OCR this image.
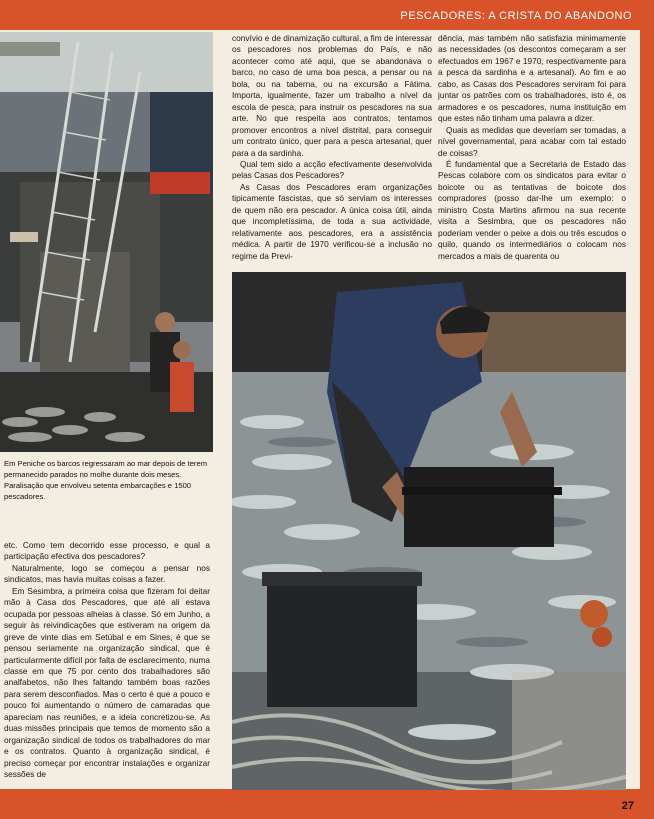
PESCADORES: A CRISTA DO ABANDONO
27
Em Peniche os barcos regressaram ao mar depois de terem permanecido parados no molhe durante dois meses. Paralisação que envolveu setenta embarcações e 1500 pescadores.

convívio e de dinamização cultural, a fim de interessar os pescadores nos problemas do País, e não acontecer como até aqui, que se abandonava o barco, no caso de uma boa pesca, a pensar ou na bola, ou na taberna, ou na excursão a Fátima. Importa, igualmente, fazer um trabalho a nível da escola de pesca, para instruir os pescadores na sua arte. No que respeita aos contratos, tentamos promover encontros a nível distrital, para conseguir um contrato único, quer para a pesca artesanal, quer para a da sardinha.

Qual tem sido a acção efectivamente desenvolvida pelas Casas dos Pescadores?

As Casas dos Pescadores eram organizações tipicamente fascistas, que só serviam os interesses de quem não era pescador. A única coisa útil, ainda que incompletíssima, de toda a sua actividade, relativamente aos pescadores, era a assistência médica. A partir de 1970 verificou-se a inclusão no regime da Previ-

dência, mas também não satisfazia minimamente as necessidades (os descontos começaram a ser efectuados em 1967 e 1970, respectivamente para a pesca da sardinha e a artesanal). Ao fim e ao cabo, as Casas dos Pescadores serviram foi para juntar os patrões com os trabalhadores, isto é, os armadores e os pescadores, numa instituição em que estes não tinham uma palavra a dizer.

Quais as medidas que deveriam ser tomadas, a nível governamental, para acabar com tal estado de coisas?

É fundamental que a Secretaria de Estado das Pescas colabore com os sindicatos para evitar o boicote ou as tentativas de boicote dos compradores (posso dar-lhe um exemplo: o ministro Costa Martins afirmou na sua recente visita a Sesimbra, que os pescadores não poderiam vender o peixe a dois ou três escudos o quilo, quando os intermediários o colocam nos mercados a mais de quarenta ou

etc. Como tem decorrido esse processo, e qual a participação efectiva dos pescadores?

Naturalmente, logo se começou a pensar nos sindicatos, mas havia muitas coisas a fazer.

Em Sesimbra, a primeira coisa que fizeram foi deitar mão à Casa dos Pescadores, que até ali estava ocupada por pessoas alheias à classe. Só em Junho, a seguir às reivindicações que estiveram na origem da greve de vinte dias em Setúbal e em Sines, é que se pensou seriamente na organização sindical, que é particularmente difícil por falta de esclarecimento, numa classe em que 75 por cento dos trabalhadores são analfabetos, não lhes faltando também boas razões para serem desconfiados. Mas o certo é que a pouco e pouco foi aumentando o número de camaradas que apareciam nas reuniões, e a ideia concretizou-se. As duas missões principais que temos de momento são a organização sindical de todos os trabalhadores do mar e os contratos. Quanto à organização sindical, é preciso começar por encontrar instalações e organizar sessões de
